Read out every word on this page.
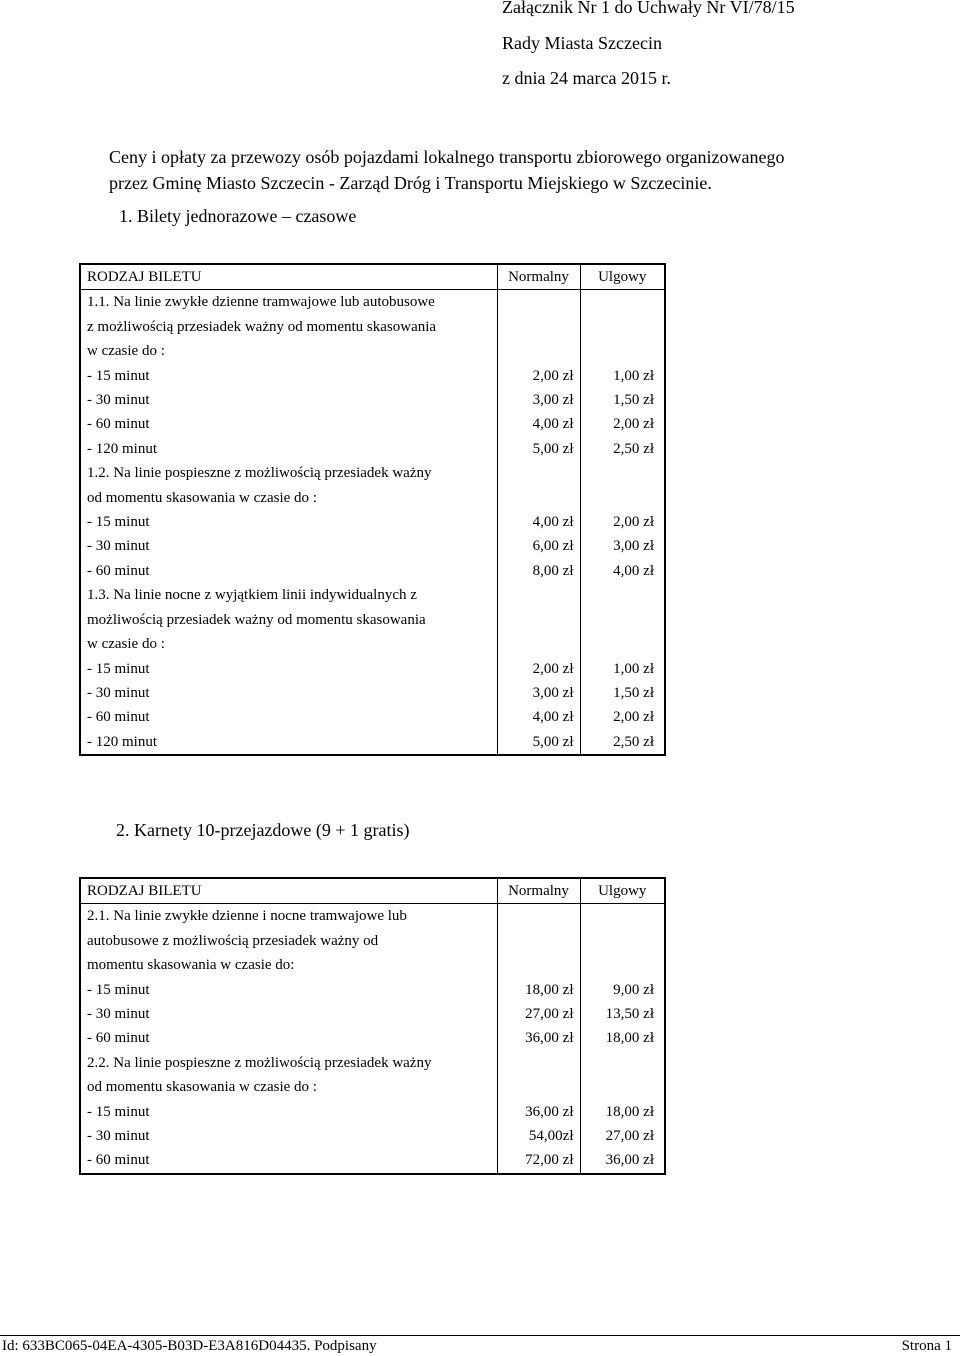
Załącznik Nr 1 do Uchwały Nr VI/78/15
Rady Miasta Szczecin
z dnia 24 marca 2015 r.
Ceny i opłaty za przewozy osób pojazdami lokalnego transportu zbiorowego organizowanego
przez Gminę Miasto Szczecin - Zarząd Dróg i Transportu Miejskiego w Szczecinie.
1. Bilety jednorazowe – czasowe
RODZAJ BILETU	Normalny	Ulgowy
1.1. Na linie zwykłe dzienne tramwajowe lub autobusowe		
z możliwością przesiadek ważny od momentu skasowania		
w czasie do :		
- 15 minut	2,00 zł	1,00 zł
- 30 minut	3,00 zł	1,50 zł
- 60 minut	4,00 zł	2,00 zł
- 120 minut	5,00 zł	2,50 zł
1.2. Na linie pospieszne z możliwością przesiadek ważny		
od momentu skasowania w czasie do :		
- 15 minut	4,00 zł	2,00 zł
- 30 minut	6,00 zł	3,00 zł
- 60 minut	8,00 zł	4,00 zł
1.3. Na linie nocne z wyjątkiem linii indywidualnych z		
możliwością przesiadek ważny od momentu skasowania		
w czasie do :		
- 15 minut	2,00 zł	1,00 zł
- 30 minut	3,00 zł	1,50 zł
- 60 minut	4,00 zł	2,00 zł
- 120 minut	5,00 zł	2,50 zł
2. Karnety 10-przejazdowe (9 + 1 gratis)
RODZAJ BILETU	Normalny	Ulgowy
2.1. Na linie zwykłe dzienne i nocne tramwajowe lub		
autobusowe z możliwością przesiadek ważny od		
momentu skasowania w czasie do:		
- 15 minut	18,00 zł	9,00 zł
- 30 minut	27,00 zł	13,50 zł
- 60 minut	36,00 zł	18,00 zł
2.2. Na linie pospieszne z możliwością przesiadek ważny		
od momentu skasowania w czasie do :		
- 15 minut	36,00 zł	18,00 zł
- 30 minut	54,00zł	27,00 zł
- 60 minut	72,00 zł	36,00 zł
Id: 633BC065-04EA-4305-B03D-E3A816D04435. Podpisany	Strona 1
